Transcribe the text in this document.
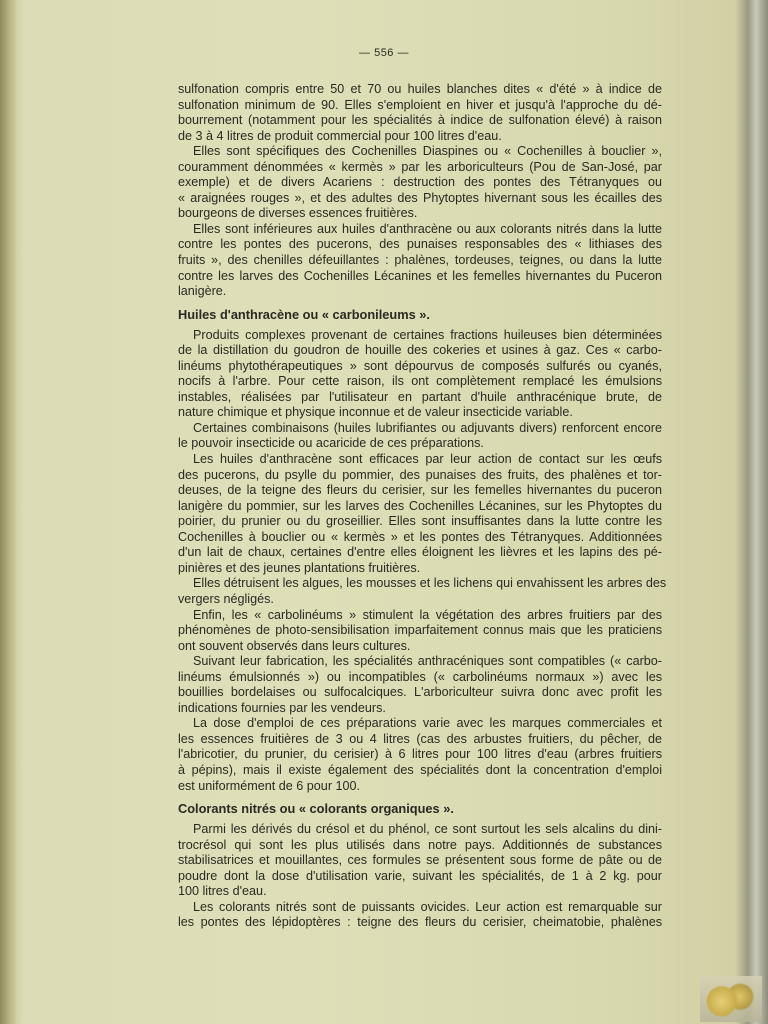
— 556 —
sulfonation compris entre 50 et 70 ou huiles blanches dites « d'été » à indice de
sulfonation minimum de 90. Elles s'emploient en hiver et jusqu'à l'approche du dé-
bourrement (notamment pour les spécialités à indice de sulfonation élevé) à raison
de 3 à 4 litres de produit commercial pour 100 litres d'eau.
Elles sont spécifiques des Cochenilles Diaspines ou « Cochenilles à bouclier »,
couramment dénommées « kermès » par les arboriculteurs (Pou de San-José, par
exemple) et de divers Acariens : destruction des pontes des Tétranyques ou
« araignées rouges », et des adultes des Phytoptes hivernant sous les écailles des
bourgeons de diverses essences fruitières.
Elles sont inférieures aux huiles d'anthracène ou aux colorants nitrés dans la lutte
contre les pontes des pucerons, des punaises responsables des « lithiases des
fruits », des chenilles défeuillantes : phalènes, tordeuses, teignes, ou dans la lutte
contre les larves des Cochenilles Lécanines et les femelles hivernantes du Puceron
lanigère.
Huiles d'anthracène ou « carbonileums ».
Produits complexes provenant de certaines fractions huileuses bien déterminées
de la distillation du goudron de houille des cokeries et usines à gaz. Ces « carbo-
linéums phytothérapeutiques » sont dépourvus de composés sulfurés ou cyanés,
nocifs à l'arbre. Pour cette raison, ils ont complètement remplacé les émulsions
instables, réalisées par l'utilisateur en partant d'huile anthracénique brute, de
nature chimique et physique inconnue et de valeur insecticide variable.
Certaines combinaisons (huiles lubrifiantes ou adjuvants divers) renforcent encore
le pouvoir insecticide ou acaricide de ces préparations.
Les huiles d'anthracène sont efficaces par leur action de contact sur les œufs
des pucerons, du psylle du pommier, des punaises des fruits, des phalènes et tor-
deuses, de la teigne des fleurs du cerisier, sur les femelles hivernantes du puceron
lanigère du pommier, sur les larves des Cochenilles Lécanines, sur les Phytoptes du
poirier, du prunier ou du groseillier. Elles sont insuffisantes dans la lutte contre les
Cochenilles à bouclier ou « kermès » et les pontes des Tétranyques. Additionnées
d'un lait de chaux, certaines d'entre elles éloignent les lièvres et les lapins des pé-
pinières et des jeunes plantations fruitières.
Elles détruisent les algues, les mousses et les lichens qui envahissent les arbres des
vergers négligés.
Enfin, les « carbolinéums » stimulent la végétation des arbres fruitiers par des
phénomènes de photo-sensibilisation imparfaitement connus mais que les praticiens
ont souvent observés dans leurs cultures.
Suivant leur fabrication, les spécialités anthracéniques sont compatibles (« carbo-
linéums émulsionnés ») ou incompatibles (« carbolinéums normaux ») avec les
bouillies bordelaises ou sulfocalciques. L'arboriculteur suivra donc avec profit les
indications fournies par les vendeurs.
La dose d'emploi de ces préparations varie avec les marques commerciales et
les essences fruitières de 3 ou 4 litres (cas des arbustes fruitiers, du pêcher, de
l'abricotier, du prunier, du cerisier) à 6 litres pour 100 litres d'eau (arbres fruitiers
à pépins), mais il existe également des spécialités dont la concentration d'emploi
est uniformément de 6 pour 100.
Colorants nitrés ou « colorants organiques ».
Parmi les dérivés du crésol et du phénol, ce sont surtout les sels alcalins du dini-
trocrésol qui sont les plus utilisés dans notre pays. Additionnés de substances
stabilisatrices et mouillantes, ces formules se présentent sous forme de pâte ou de
poudre dont la dose d'utilisation varie, suivant les spécialités, de 1 à 2 kg. pour
100 litres d'eau.
Les colorants nitrés sont de puissants ovicides. Leur action est remarquable sur
les pontes des lépidoptères : teigne des fleurs du cerisier, cheimatobie, phalènes
